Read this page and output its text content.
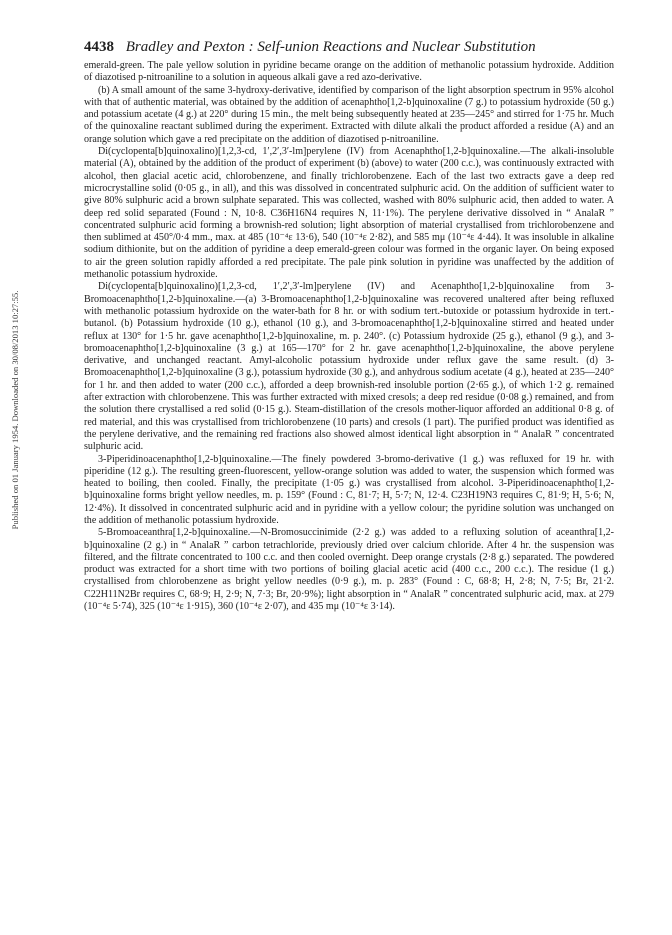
Published on 01 January 1954. Downloaded on 30/08/2013 10:27:55.
4438 Bradley and Pexton : Self-union Reactions and Nuclear Substitution

emerald-green. The pale yellow solution in pyridine became orange on the addition of methanolic potassium hydroxide. Addition of diazotised p-nitroaniline to a solution in aqueous alkali gave a red azo-derivative.

(b) A small amount of the same 3-hydroxy-derivative, identified by comparison of the light absorption spectrum in 95% alcohol with that of authentic material, was obtained by the addition of acenaphtho[1,2-b]quinoxaline (7 g.) to potassium hydroxide (50 g.) and potassium acetate (4 g.) at 220° during 15 min., the melt being subsequently heated at 235—245° and stirred for 1·75 hr. Much of the quinoxaline reactant sublimed during the experiment. Extracted with dilute alkali the product afforded a residue (A) and an orange solution which gave a red precipitate on the addition of diazotised p-nitroaniline.

Di(cyclopenta[b]quinoxalino)[1,2,3-cd, 1′,2′,3′-lm]perylene (IV) from Acenaphtho[1,2-b]quinoxaline.—The alkali-insoluble material (A), obtained by the addition of the product of experiment (b) (above) to water (200 c.c.), was continuously extracted with alcohol, then glacial acetic acid, chlorobenzene, and finally trichlorobenzene. Each of the last two extracts gave a deep red microcrystalline solid (0·05 g., in all), and this was dissolved in concentrated sulphuric acid. On the addition of sufficient water to give 80% sulphuric acid a brown sulphate separated. This was collected, washed with 80% sulphuric acid, then added to water. A deep red solid separated (Found : N, 10·8. C36H16N4 requires N, 11·1%). The perylene derivative dissolved in “ AnalaR ” concentrated sulphuric acid forming a brownish-red solution; light absorption of material crystallised from trichlorobenzene and then sublimed at 450°/0·4 mm., max. at 485 (10⁻⁴ε 13·6), 540 (10⁻⁴ε 2·82), and 585 mμ (10⁻⁴ε 4·44). It was insoluble in alkaline sodium dithionite, but on the addition of pyridine a deep emerald-green colour was formed in the organic layer. On being exposed to air the green solution rapidly afforded a red precipitate. The pale pink solution in pyridine was unaffected by the addition of methanolic potassium hydroxide.

Di(cyclopenta[b]quinoxalino)[1,2,3-cd, 1′,2′,3′-lm]perylene (IV) and Acenaphtho[1,2-b]quinoxaline from 3-Bromoacenaphtho[1,2-b]quinoxaline.—(a) 3-Bromoacenaphtho[1,2-b]quinoxaline was recovered unaltered after being refluxed with methanolic potassium hydroxide on the water-bath for 8 hr. or with sodium tert.-butoxide or potassium hydroxide in tert.-butanol. (b) Potassium hydroxide (10 g.), ethanol (10 g.), and 3-bromoacenaphtho[1,2-b]quinoxaline stirred and heated under reflux at 130° for 1·5 hr. gave acenaphtho[1,2-b]quinoxaline, m. p. 240°. (c) Potassium hydroxide (25 g.), ethanol (9 g.), and 3-bromoacenaphtho[1,2-b]quinoxaline (3 g.) at 165—170° for 2 hr. gave acenaphtho[1,2-b]quinoxaline, the above perylene derivative, and unchanged reactant. Amyl-alcoholic potassium hydroxide under reflux gave the same result. (d) 3-Bromoacenaphtho[1,2-b]quinoxaline (3 g.), potassium hydroxide (30 g.), and anhydrous sodium acetate (4 g.), heated at 235—240° for 1 hr. and then added to water (200 c.c.), afforded a deep brownish-red insoluble portion (2·65 g.), of which 1·2 g. remained after extraction with chlorobenzene. This was further extracted with mixed cresols; a deep red residue (0·08 g.) remained, and from the solution there crystallised a red solid (0·15 g.). Steam-distillation of the cresols mother-liquor afforded an additional 0·8 g. of red material, and this was crystallised from trichlorobenzene (10 parts) and cresols (1 part). The purified product was identified as the perylene derivative, and the remaining red fractions also showed almost identical light absorption in “ AnalaR ” concentrated sulphuric acid.

3-Piperidinoacenaphtho[1,2-b]quinoxaline.—The finely powdered 3-bromo-derivative (1 g.) was refluxed for 19 hr. with piperidine (12 g.). The resulting green-fluorescent, yellow-orange solution was added to water, the suspension which formed was heated to boiling, then cooled. Finally, the precipitate (1·05 g.) was crystallised from alcohol. 3-Piperidinoacenaphtho[1,2-b]quinoxaline forms bright yellow needles, m. p. 159° (Found : C, 81·7; H, 5·7; N, 12·4. C23H19N3 requires C, 81·9; H, 5·6; N, 12·4%). It dissolved in concentrated sulphuric acid and in pyridine with a yellow colour; the pyridine solution was unchanged on the addition of methanolic potassium hydroxide.

5-Bromoaceanthra[1,2-b]quinoxaline.—N-Bromosuccinimide (2·2 g.) was added to a refluxing solution of aceanthra[1,2-b]quinoxaline (2 g.) in “ AnalaR ” carbon tetrachloride, previously dried over calcium chloride. After 4 hr. the suspension was filtered, and the filtrate concentrated to 100 c.c. and then cooled overnight. Deep orange crystals (2·8 g.) separated. The powdered product was extracted for a short time with two portions of boiling glacial acetic acid (400 c.c., 200 c.c.). The residue (1 g.) crystallised from chlorobenzene as bright yellow needles (0·9 g.), m. p. 283° (Found : C, 68·8; H, 2·8; N, 7·5; Br, 21·2. C22H11N2Br requires C, 68·9; H, 2·9; N, 7·3; Br, 20·9%); light absorption in “ AnalaR ” concentrated sulphuric acid, max. at 279 (10⁻⁴ε 5·74), 325 (10⁻⁴ε 1·915), 360 (10⁻⁴ε 2·07), and 435 mμ (10⁻⁴ε 3·14).
